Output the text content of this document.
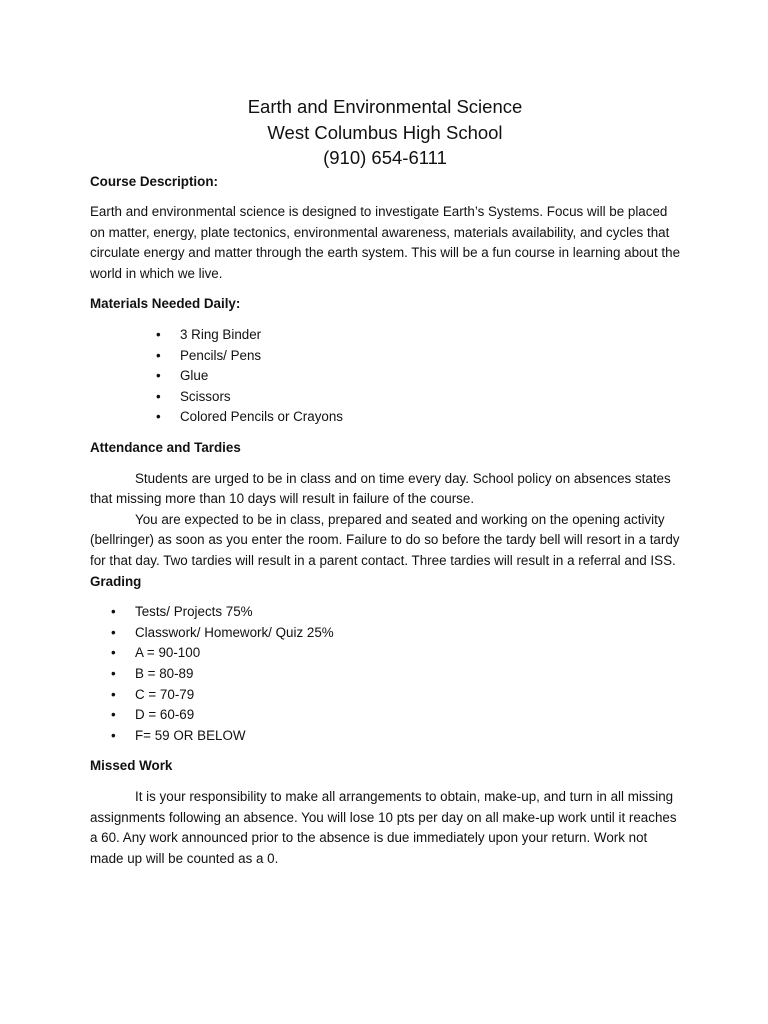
Earth and Environmental Science
West Columbus High School
(910) 654-6111
Course Description:

Earth and environmental science is designed to investigate Earth’s Systems. Focus will be placed on matter, energy, plate tectonics, environmental awareness, materials availability, and cycles that circulate energy and matter through the earth system. This will be a fun course in learning about the world in which we live.

Materials Needed Daily:
• 3 Ring Binder
• Pencils/ Pens
• Glue
• Scissors
• Colored Pencils or Crayons
Attendance and Tardies

Students are urged to be in class and on time every day. School policy on absences states that missing more than 10 days will result in failure of the course.

You are expected to be in class, prepared and seated and working on the opening activity (bellringer) as soon as you enter the room. Failure to do so before the tardy bell will resort in a tardy for that day. Two tardies will result in a parent contact. Three tardies will result in a referral and ISS.

Grading
• Tests/ Projects 75%
• Classwork/ Homework/ Quiz 25%
• A = 90-100
• B = 80-89
• C = 70-79
• D = 60-69
• F= 59 OR BELOW
Missed Work

It is your responsibility to make all arrangements to obtain, make-up, and turn in all missing assignments following an absence. You will lose 10 pts per day on all make-up work until it reaches a 60. Any work announced prior to the absence is due immediately upon your return. Work not made up will be counted as a 0.
